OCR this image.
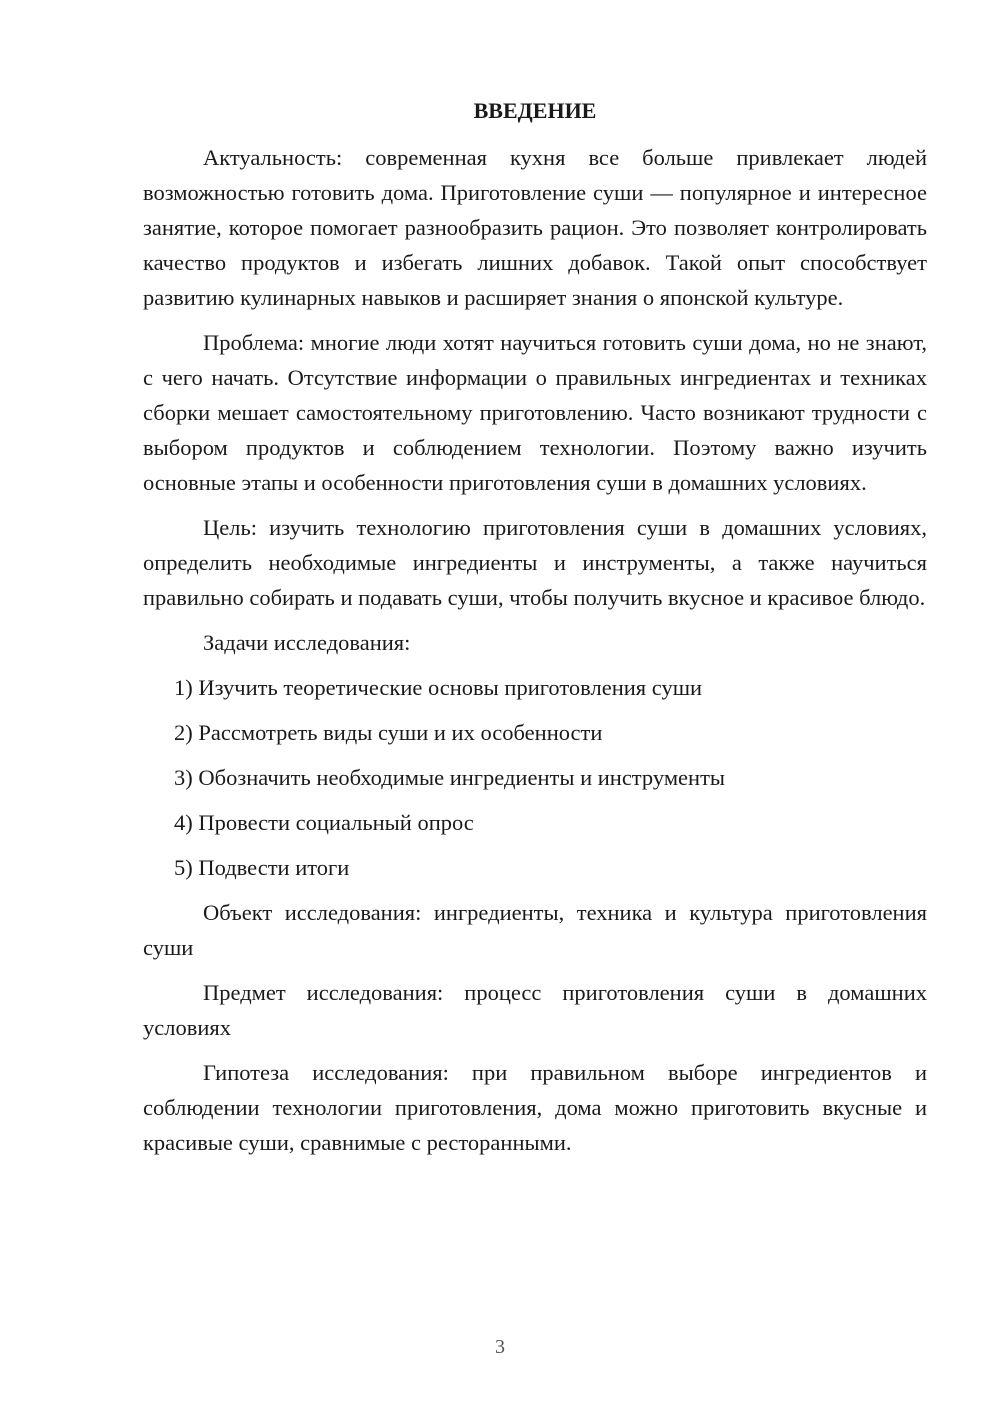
ВВЕДЕНИЕ

Актуальность: современная кухня все больше привлекает людей возможностью готовить дома. Приготовление суши — популярное и интересное занятие, которое помогает разнообразить рацион. Это позволяет контролировать качество продуктов и избегать лишних добавок. Такой опыт способствует развитию кулинарных навыков и расширяет знания о японской культуре.

Проблема: многие люди хотят научиться готовить суши дома, но не знают, с чего начать. Отсутствие информации о правильных ингредиентах и техниках сборки мешает самостоятельному приготовлению. Часто возникают трудности с выбором продуктов и соблюдением технологии. Поэтому важно изучить основные этапы и особенности приготовления суши в домашних условиях.

Цель: изучить технологию приготовления суши в домашних условиях, определить необходимые ингредиенты и инструменты, а также научиться правильно собирать и подавать суши, чтобы получить вкусное и красивое блюдо.

Задачи исследования:

1) Изучить теоретические основы приготовления суши
2) Рассмотреть виды суши и их особенности
3) Обозначить необходимые ингредиенты и инструменты
4) Провести социальный опрос
5) Подвести итоги

Объект исследования: ингредиенты, техника и культура приготовления суши

Предмет исследования: процесс приготовления суши в домашних условиях

Гипотеза исследования: при правильном выборе ингредиентов и соблюдении технологии приготовления, дома можно приготовить вкусные и красивые суши, сравнимые с ресторанными.

3
